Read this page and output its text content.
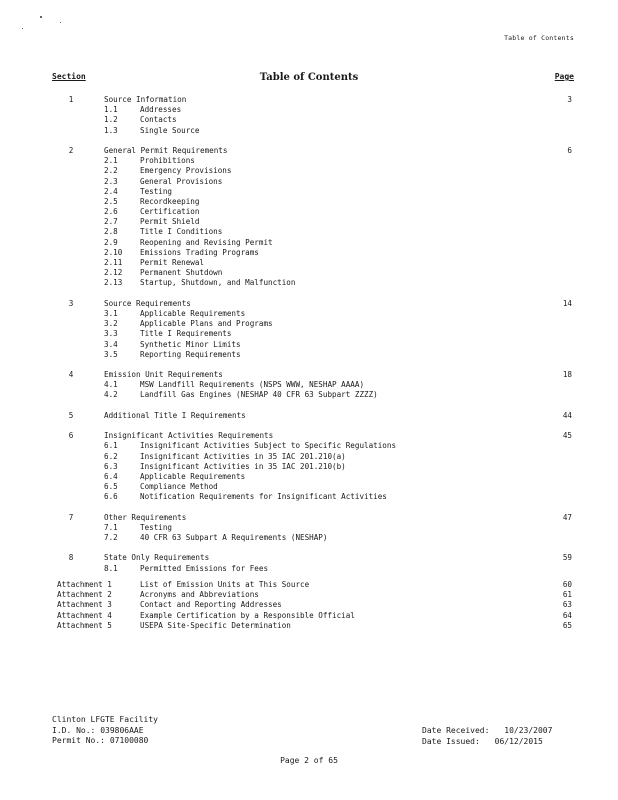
Table of Contents
Section	Table of Contents	Page
1	Source Information	3
1.1	Addresses
1.2	Contacts
1.3	Single Source
2	General Permit Requirements	6
2.1	Prohibitions
2.2	Emergency Provisions
2.3	General Provisions
2.4	Testing
2.5	Recordkeeping
2.6	Certification
2.7	Permit Shield
2.8	Title I Conditions
2.9	Reopening and Revising Permit
2.10 Emissions Trading Programs
2.11 Permit Renewal
2.12 Permanent Shutdown
2.13 Startup, Shutdown, and Malfunction
3	Source Requirements	14
3.1	Applicable Requirements
3.2	Applicable Plans and Programs
3.3	Title I Requirements
3.4	Synthetic Minor Limits
3.5	Reporting Requirements
4	Emission Unit Requirements	18
4.1	MSW Landfill Requirements (NSPS WWW, NESHAP AAAA)
4.2	Landfill Gas Engines (NESHAP 40 CFR 63 Subpart ZZZZ)
5	Additional Title I Requirements	44
6	Insignificant Activities Requirements	45
6.1	Insignificant Activities Subject to Specific Regulations
6.2	Insignificant Activities in 35 IAC 201.210(a)
6.3	Insignificant Activities in 35 IAC 201.210(b)
6.4	Applicable Requirements
6.5	Compliance Method
6.6	Notification Requirements for Insignificant Activities
7	Other Requirements	47
7.1	Testing
7.2	40 CFR 63 Subpart A Requirements (NESHAP)
8	State Only Requirements	59
8.1	Permitted Emissions for Fees
Attachment 1	List of Emission Units at This Source	60
Attachment 2	Acronyms and Abbreviations	61
Attachment 3	Contact and Reporting Addresses	63
Attachment 4	Example Certification by a Responsible Official	64
Attachment 5	USEPA Site-Specific Determination	65
Clinton LFGTE Facility
I.D. No.: 039806AAE
Permit No.: 07100080
Date Received: 10/23/2007
Date Issued: 06/12/2015
Page 2 of 65
